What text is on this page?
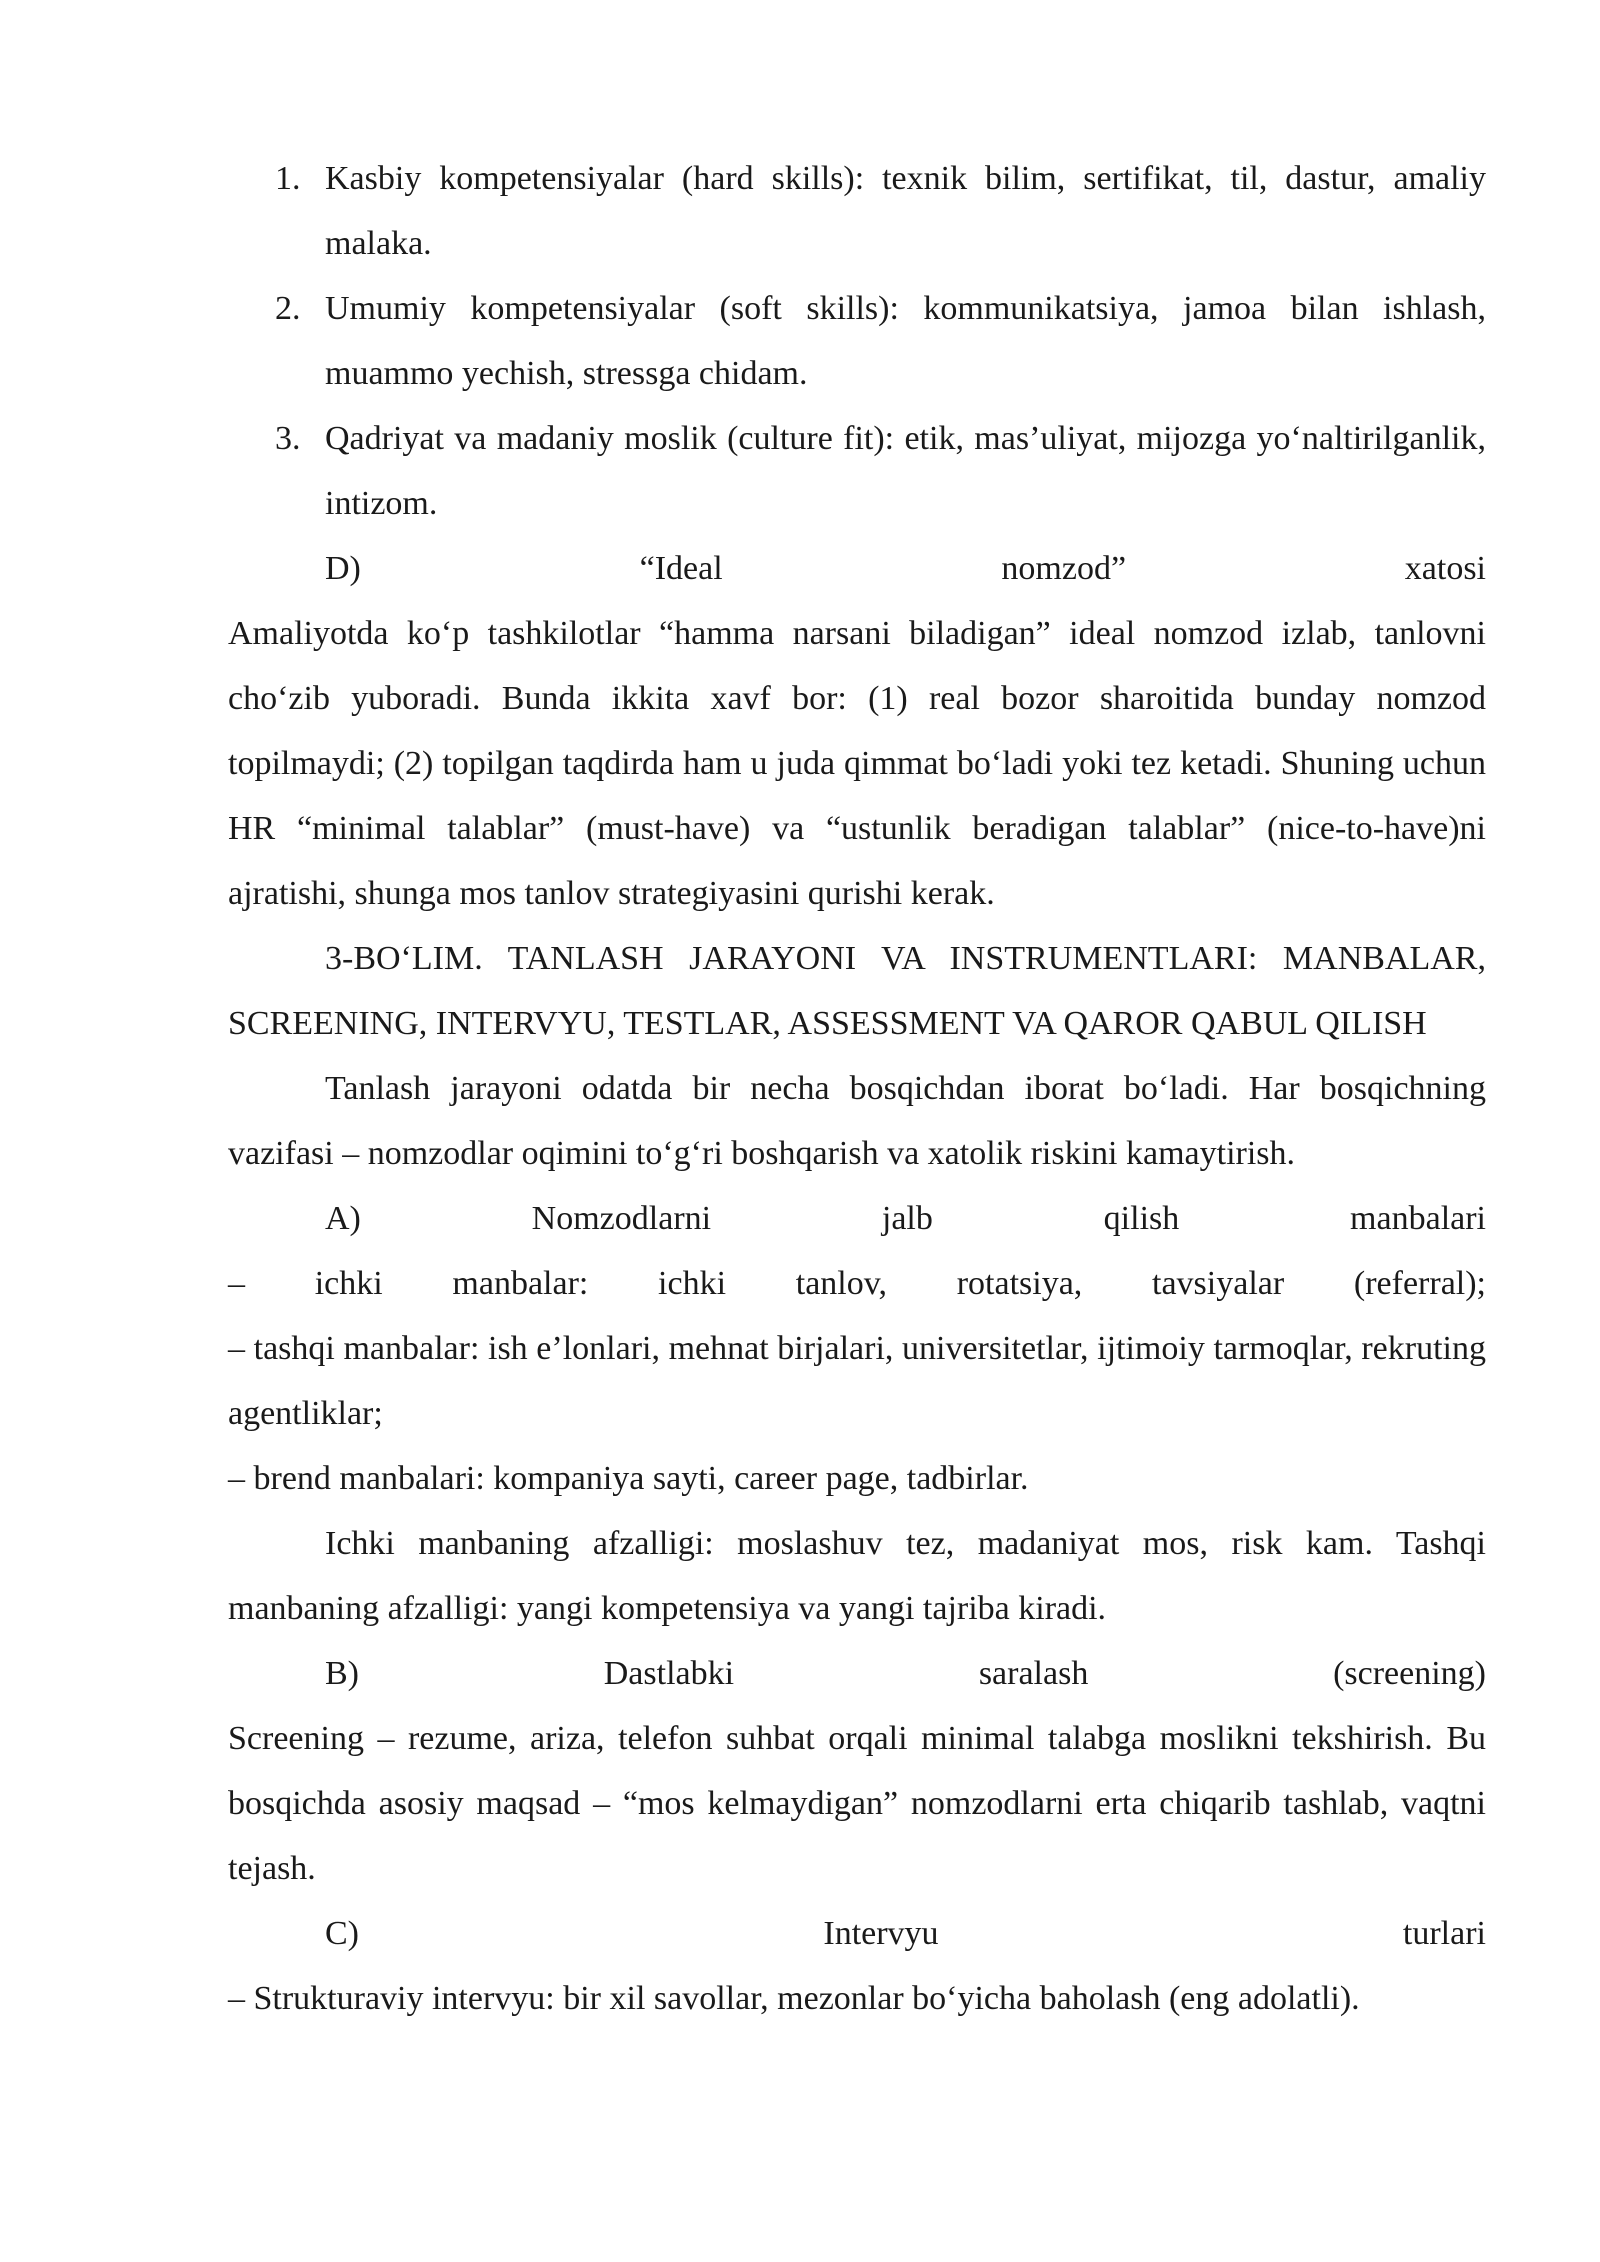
1. Kasbiy kompetensiyalar (hard skills): texnik bilim, sertifikat, til, dastur, amaliy malaka.
2. Umumiy kompetensiyalar (soft skills): kommunikatsiya, jamoa bilan ishlash, muammo yechish, stressga chidam.
3. Qadriyat va madaniy moslik (culture fit): etik, mas’uliyat, mijozga yo‘naltirilganlik, intizom.
D) “Ideal nomzod” xatosi
Amaliyotda ko‘p tashkilotlar “hamma narsani biladigan” ideal nomzod izlab, tanlovni cho‘zib yuboradi. Bunda ikkita xavf bor: (1) real bozor sharoitida bunday nomzod topilmaydi; (2) topilgan taqdirda ham u juda qimmat bo‘ladi yoki tez ketadi. Shuning uchun HR “minimal talablar” (must-have) va “ustunlik beradigan talablar” (nice-to-have)ni ajratishi, shunga mos tanlov strategiyasini qurishi kerak.
3-BO‘LIM. TANLASH JARAYONI VA INSTRUMENTLARI: MANBALAR, SCREENING, INTERVYU, TESTLAR, ASSESSMENT VA QAROR QABUL QILISH
Tanlash jarayoni odatda bir necha bosqichdan iborat bo‘ladi. Har bosqichning vazifasi – nomzodlar oqimini to‘g‘ri boshqarish va xatolik riskini kamaytirish.
A) Nomzodlarni jalb qilish manbalari
– ichki manbalar: ichki tanlov, rotatsiya, tavsiyalar (referral);
– tashqi manbalar: ish e’lonlari, mehnat birjalari, universitetlar, ijtimoiy tarmoqlar, rekruting agentliklar;
– brend manbalari: kompaniya sayti, career page, tadbirlar.
Ichki manbaning afzalligi: moslashuv tez, madaniyat mos, risk kam. Tashqi manbaning afzalligi: yangi kompetensiya va yangi tajriba kiradi.
B) Dastlabki saralash (screening)
Screening – rezume, ariza, telefon suhbat orqali minimal talabga moslikni tekshirish. Bu bosqichda asosiy maqsad – “mos kelmaydigan” nomzodlarni erta chiqarib tashlab, vaqtni tejash.
C) Intervyu turlari
– Strukturaviy intervyu: bir xil savollar, mezonlar bo‘yicha baholash (eng adolatli).
